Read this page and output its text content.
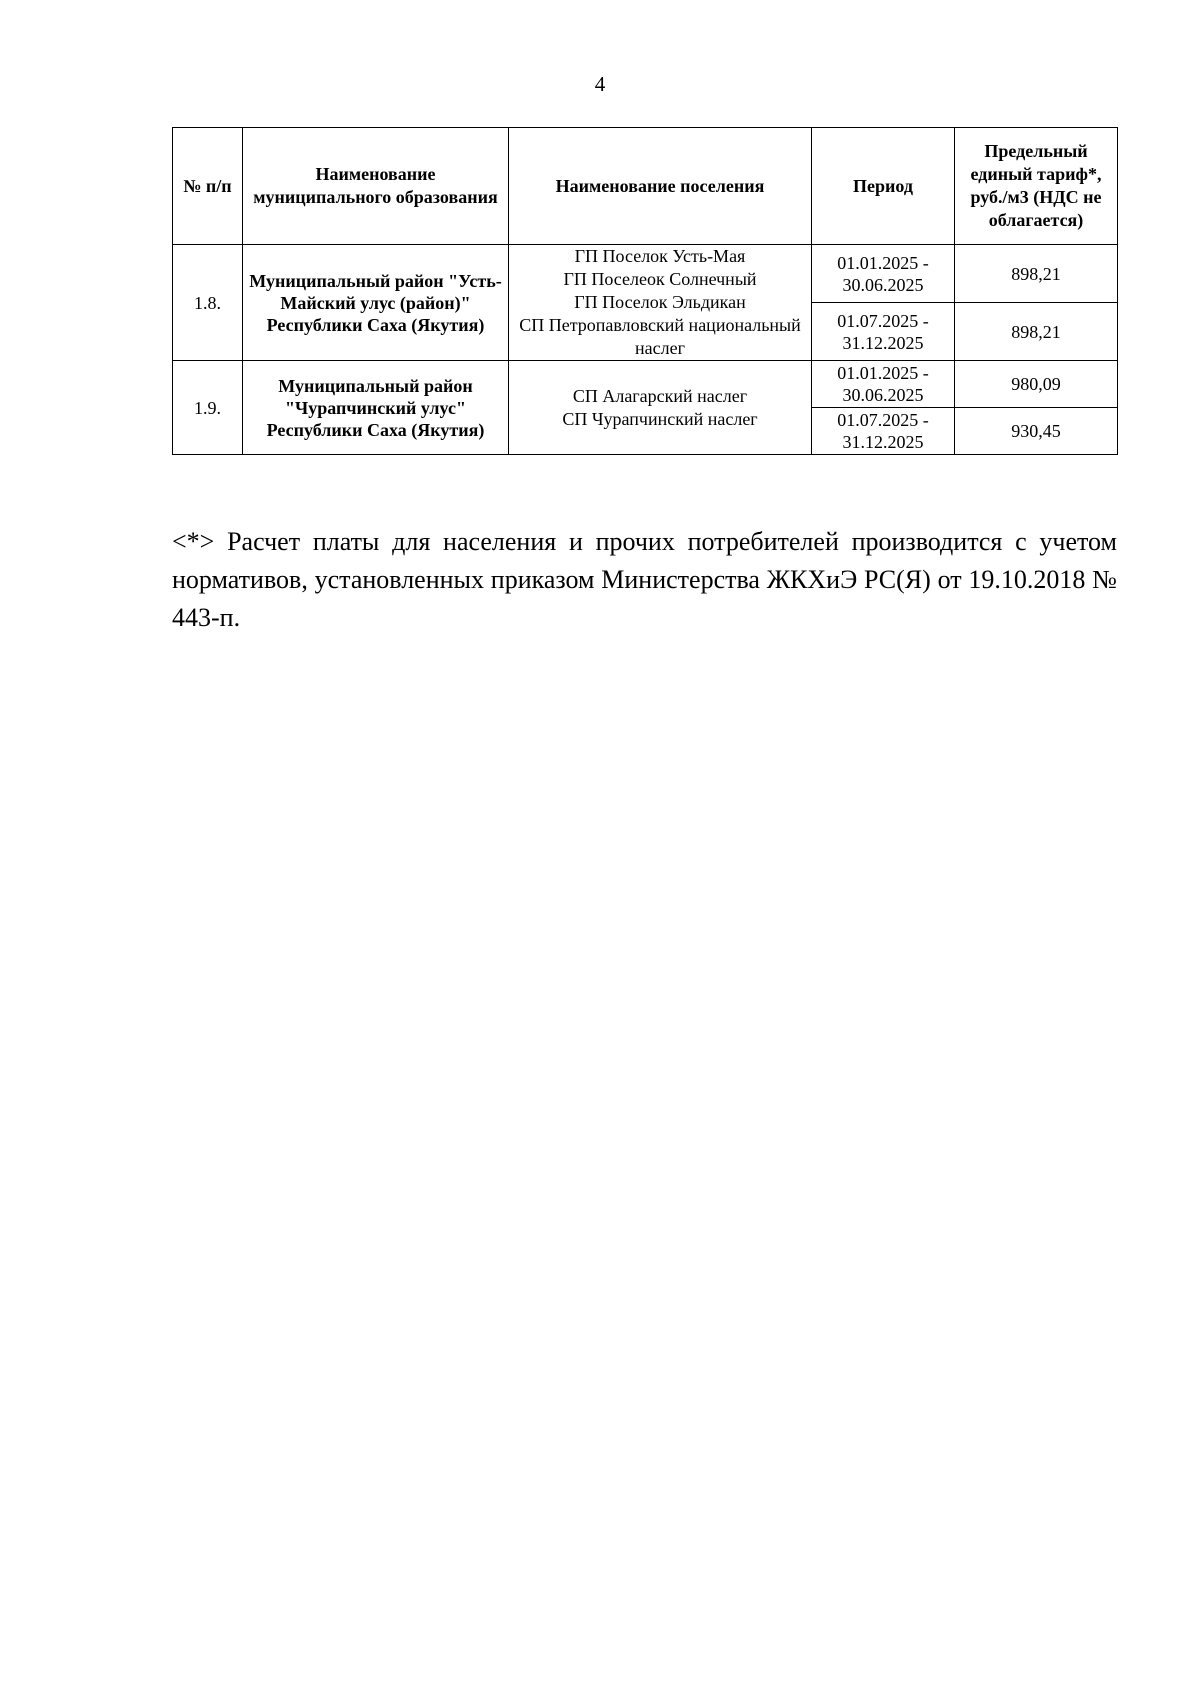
4
№ п/п	Наименование муниципального образования	Наименование поселения	Период	Предельный единый тариф*, руб./м3 (НДС не облагается)
1.8.	Муниципальный район "Усть-Майский улус (район)" Республики Саха (Якутия)	ГП Поселок Усть-Мая
ГП Поселеок Солнечный
ГП Поселок Эльдикан
СП Петропавловский национальный наслег	01.01.2025 - 30.06.2025	898,21
			01.07.2025 - 31.12.2025	898,21
1.9.	Муниципальный район "Чурапчинский улус" Республики Саха (Якутия)	СП Алагарский наслег
СП Чурапчинский наслег	01.01.2025 - 30.06.2025	980,09
			01.07.2025 - 31.12.2025	930,45

<*> Расчет платы для населения и прочих потребителей производится с учетом нормативов, установленных приказом Министерства ЖКХиЭ РС(Я) от 19.10.2018 № 443-п.
